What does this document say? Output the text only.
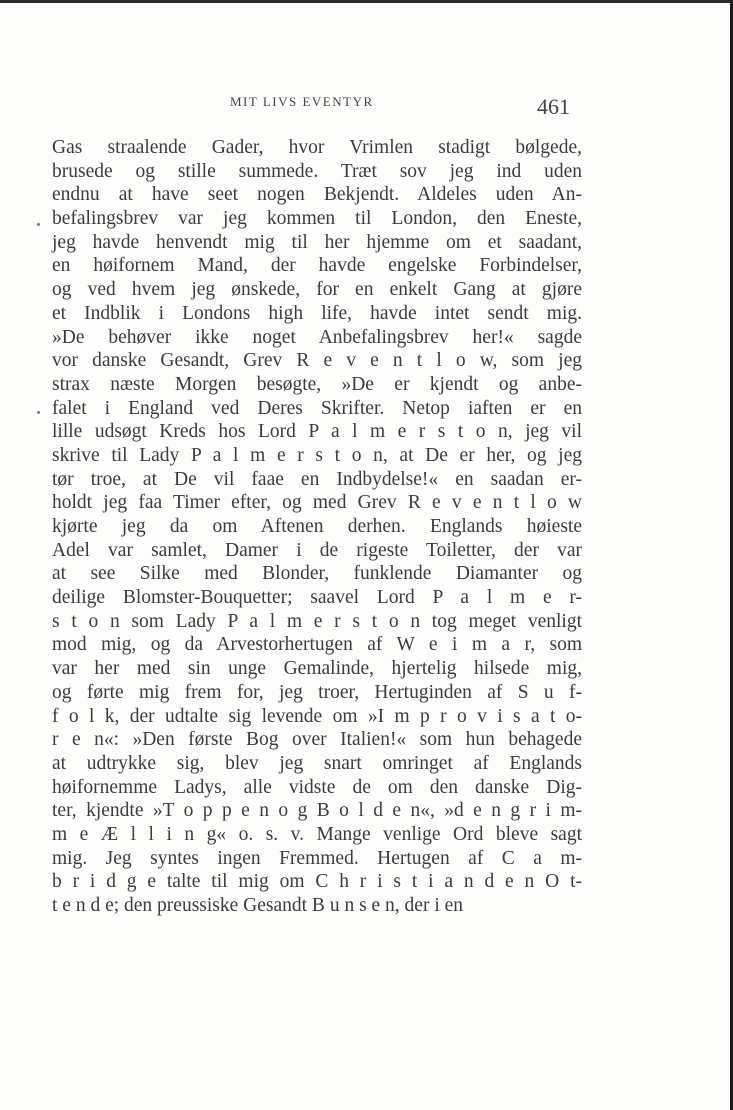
MIT LIVS EVENTYR	461
Gas straalende Gader, hvor Vrimlen stadigt bølgede,
brusede og stille summede. Træt sov jeg ind uden
endnu at have seet nogen Bekjendt. Aldeles uden An-
befalingsbrev var jeg kommen til London, den Eneste,
jeg havde henvendt mig til her hjemme om et saadant,
en høifornem Mand, der havde engelske Forbindelser,
og ved hvem jeg ønskede, for en enkelt Gang at gjøre
et Indblik i Londons high life, havde intet sendt mig.
»De behøver ikke noget Anbefalingsbrev her!« sagde
vor danske Gesandt, Grev R e v e n t l o w, som jeg
strax næste Morgen besøgte, »De er kjendt og anbe-
falet i England ved Deres Skrifter. Netop iaften er en
lille udsøgt Kreds hos Lord P a l m e r s t o n, jeg vil
skrive til Lady P a l m e r s t o n, at De er her, og jeg
tør troe, at De vil faae en Indbydelse!« en saadan er-
holdt jeg faa Timer efter, og med Grev R e v e n t l o w
kjørte jeg da om Aftenen derhen. Englands høieste
Adel var samlet, Damer i de rigeste Toiletter, der var
at see Silke med Blonder, funklende Diamanter og
deilige Blomster-Bouquetter; saavel Lord P a l m e r-
s t o n som Lady P a l m e r s t o n tog meget venligt
mod mig, og da Arvestorhertugen af W e i m a r, som
var her med sin unge Gemalinde, hjertelig hilsede mig,
og førte mig frem for, jeg troer, Hertuginden af S u f-
f o l k, der udtalte sig levende om »I m p r o v i s a t o-
r e n«: »Den første Bog over Italien!« som hun behagede
at udtrykke sig, blev jeg snart omringet af Englands
høifornemme Ladys, alle vidste de om den danske Dig-
ter, kjendte »T o p p e n o g B o l d e n«, »d e n g r i m-
m e Æ l l i n g« o. s. v. Mange venlige Ord bleve sagt
mig. Jeg syntes ingen Fremmed. Hertugen af C a m-
b r i d g e talte til mig om C h r i s t i a n d e n O t-
t e n d e; den preussiske Gesandt B u n s e n, der i en
